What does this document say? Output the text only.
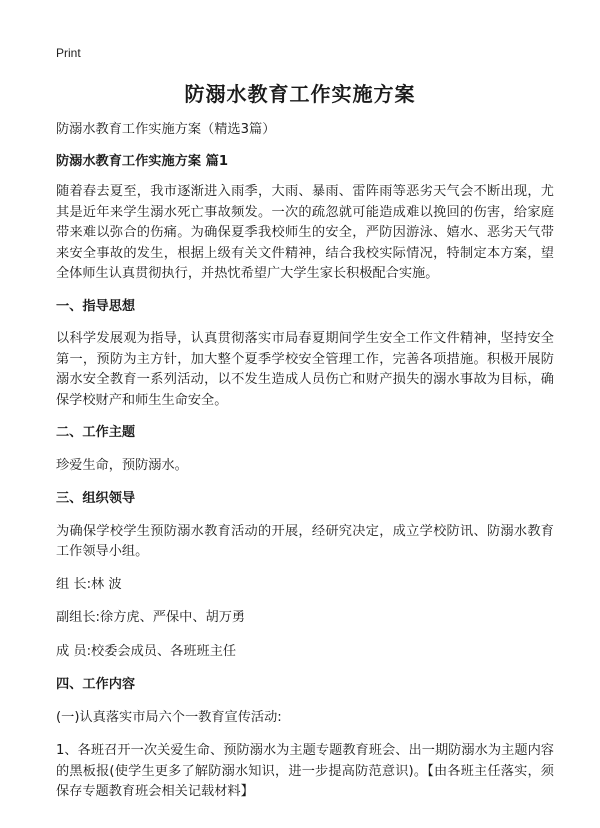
Print
防溺水教育工作实施方案

防溺水教育工作实施方案（精选3篇）

防溺水教育工作实施方案 篇1

随着春去夏至，我市逐渐进入雨季，大雨、暴雨、雷阵雨等恶劣天气会不断出现，尤其是近年来学生溺水死亡事故频发。一次的疏忽就可能造成难以挽回的伤害，给家庭带来难以弥合的伤痛。为确保夏季我校师生的安全，严防因游泳、嬉水、恶劣天气带来安全事故的发生，根据上级有关文件精神，结合我校实际情况，特制定本方案，望全体师生认真贯彻执行，并热忱希望广大学生家长积极配合实施。

一、指导思想

以科学发展观为指导，认真贯彻落实市局春夏期间学生安全工作文件精神，坚持安全第一，预防为主方针，加大整个夏季学校安全管理工作，完善各项措施。积极开展防溺水安全教育一系列活动，以不发生造成人员伤亡和财产损失的溺水事故为目标，确保学校财产和师生生命安全。

二、工作主题

珍爱生命，预防溺水。

三、组织领导

为确保学校学生预防溺水教育活动的开展，经研究决定，成立学校防讯、防溺水教育工作领导小组。

组 长:林 波

副组长:徐方虎、严保中、胡万勇

成 员:校委会成员、各班班主任

四、工作内容

(一)认真落实市局六个一教育宣传活动:

1、各班召开一次关爱生命、预防溺水为主题专题教育班会、出一期防溺水为主题内容的黑板报(使学生更多了解防溺水知识，进一步提高防范意识)。【由各班主任落实，须保存专题教育班会相关记载材料】
